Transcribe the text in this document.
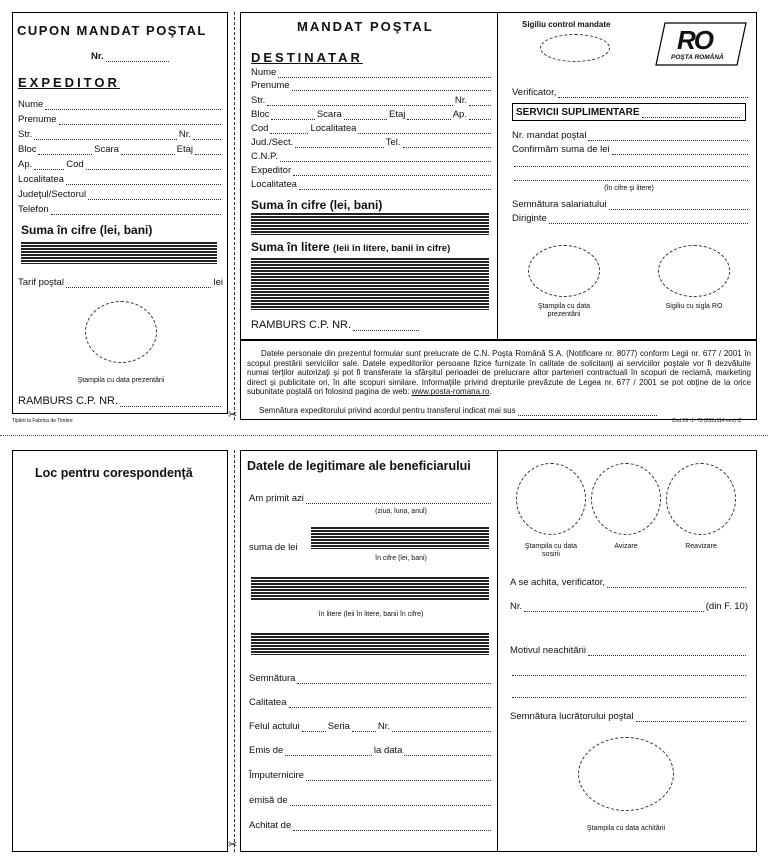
CUPON MANDAT POŞTAL
Nr.
EXPEDITOR
Nume
Prenume
Str.	Nr.
Bloc	Scara	Etaj
Ap.	Cod
Localitatea
Judeţul/Sectorul
Telefon
Suma în cifre (lei, bani)
Tarif poştal	lei
Ştampila cu data prezentării
RAMBURS C.P. NR.
✂
MANDAT POŞTAL
DESTINATAR
Nume
Prenume
Str.	Nr.
Bloc	Scara	Etaj	Ap.
Cod	Localitatea
Jud./Sect.	Tel.
C.N.P.
Expeditor
Localitatea
Suma în cifre (lei, bani)
Suma în litere (leii în litere, banii în cifre)
RAMBURS C.P. NR.
Sigiliu control mandate
RO
POŞTA ROMÂNĂ
Verificator,
SERVICII SUPLIMENTARE
Nr. mandat poştal
Confirmăm suma de lei
(în cifre şi litere)
Semnătura salariatului
Diriginte
Ştampila cu data prezentării
Sigiliu cu sigla RO
Datele personale din prezentul formular sunt prelucrate de C.N. Poşta Română S.A. (Notificare nr. 8077) conform Legii nr. 677 / 2001 în scopul prestării serviciilor sale. Datele expeditorilor persoane fizice furnizate în calitate de solicitanţi ai serviciilor poştale vor fi dezvăluite numai terţilor autorizaţi şi pot fi transferate la sfârşitul perioadei de prelucrare altor parteneri contractuali în scopuri de reclamă, marketing direct şi publicitate ori, în alte scopuri similare. Informaţiile privind drepturile prevăzute de Legea nr. 677 / 2001 se pot obţine de la orice subunitate poştală ori folosind pagina de web: www.posta-romana.ro.
Semnătura expeditorului privind acordul pentru transferul indicat mai sus
Tipărit la Fabrica de Timbre	Cod 29 -1- 75 (202x114 mm) t2
Loc pentru corespondenţă
✂
Datele de legitimare ale beneficiarului
Am primit azi
(ziua, luna, anul)
suma de lei
în cifre (lei, bani)
în litere (leii în litere, banii în cifre)
Semnătura
Calitatea
Felul actului	Seria	Nr.
Emis de	la data
Împuternicire
emisă de
Achitat de
Ştampila cu data sosirii
Avizare	Reavizare
A se achita, verificator,
Nr.	(din F. 10)
Motivul neachitării
Semnătura lucrătorului poştal
Ştampila cu data achitării
